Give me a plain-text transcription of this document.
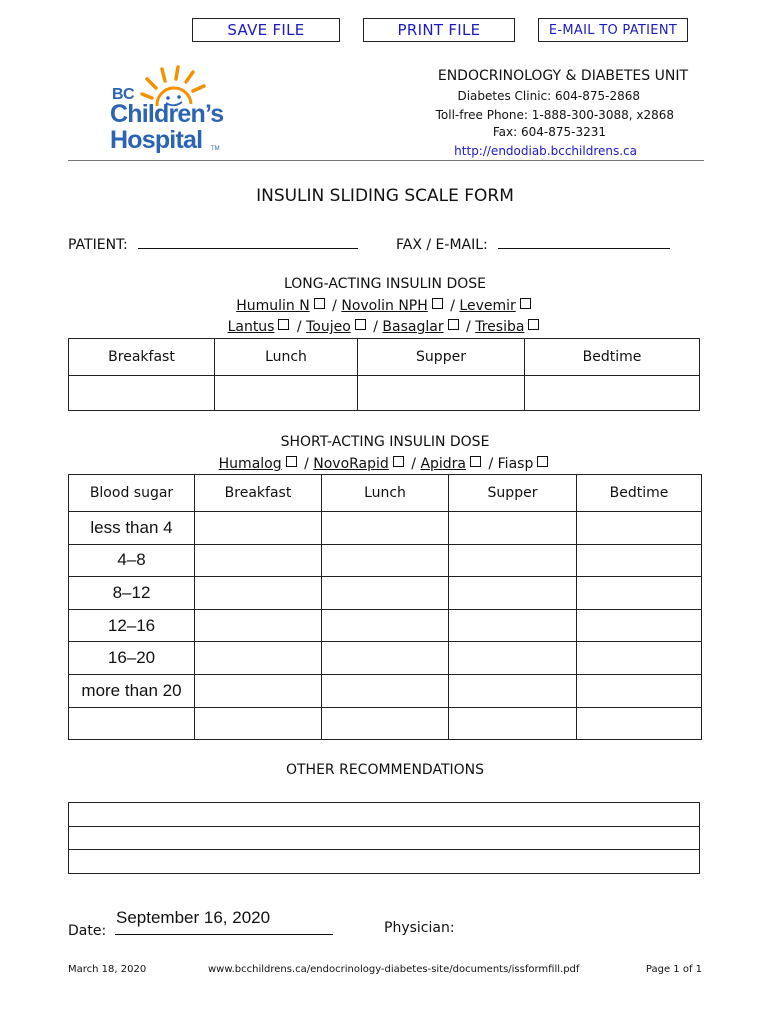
SAVE FILE	PRINT FILE	E-MAIL TO PATIENT
BC
Children’s
Hospital TM
ENDOCRINOLOGY & DIABETES UNIT
Diabetes Clinic: 604-875-2868
Toll-free Phone: 1-888-300-3088, x2868
Fax: 604-875-3231
http://endodiab.bcchildrens.ca
INSULIN SLIDING SCALE FORM
PATIENT:	FAX / E-MAIL:
LONG-ACTING INSULIN DOSE
Humulin N / Novolin NPH / Levemir
Lantus / Toujeo / Basaglar / Tresiba
Breakfast	Lunch	Supper	Bedtime

SHORT-ACTING INSULIN DOSE
Humalog / NovoRapid / Apidra / Fiasp
Blood sugar	Breakfast	Lunch	Supper	Bedtime
less than 4				
4–8				
8–12				
12–16				
16–20				
more than 20				

OTHER RECOMMENDATIONS

Date:
September 16, 2020
Physician:
March 18, 2020	www.bcchildrens.ca/endocrinology-diabetes-site/documents/issformfill.pdf	Page 1 of 1
